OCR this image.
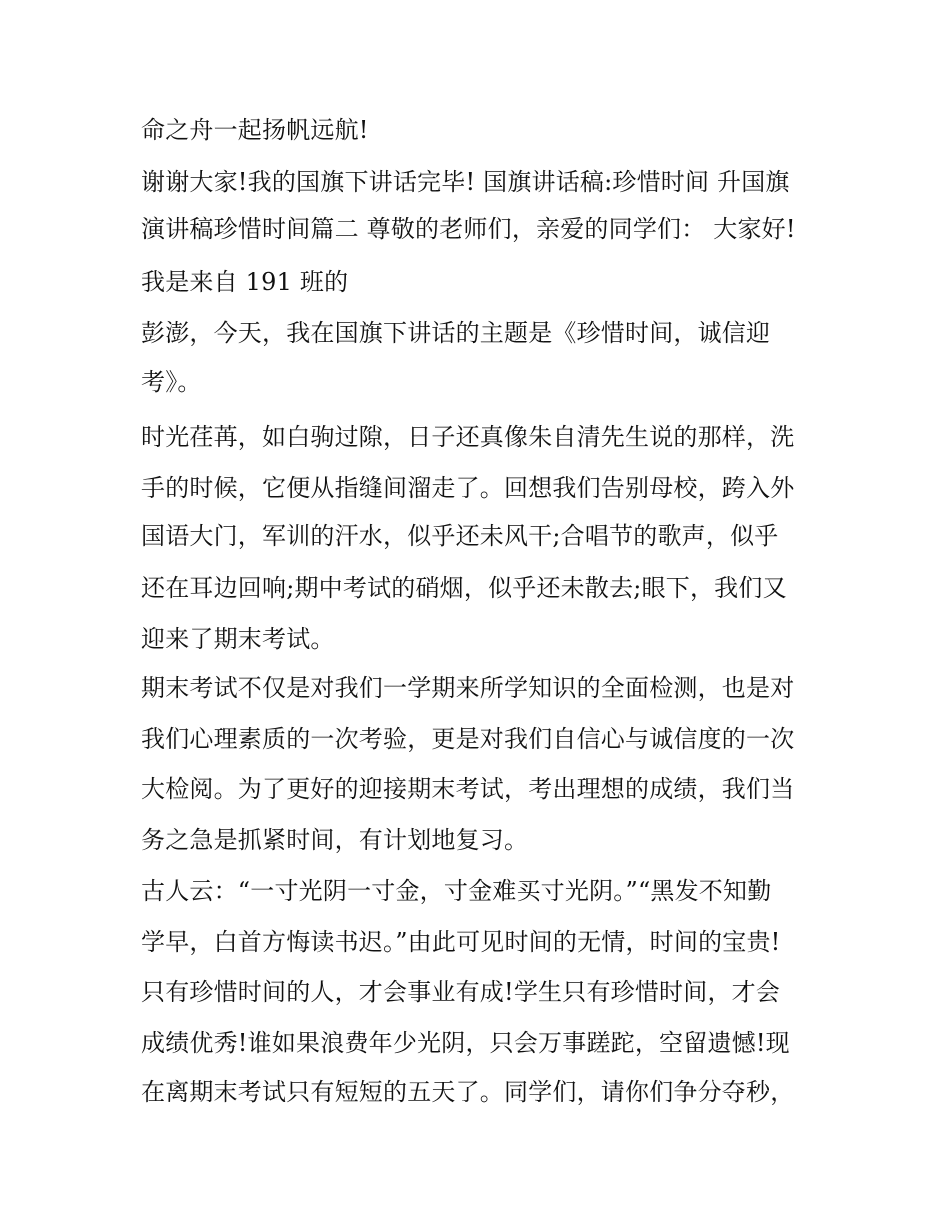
命之舟一起扬帆远航!

谢谢大家!我的国旗下讲话完毕! 国旗讲话稿:珍惜时间 升国旗

演讲稿珍惜时间篇二 尊敬的老师们，亲爱的同学们： 大家好!

我是来自 191 班的

彭澎，今天，我在国旗下讲话的主题是《珍惜时间，诚信迎

考》。

时光荏苒，如白驹过隙，日子还真像朱自清先生说的那样，洗

手的时候，它便从指缝间溜走了。回想我们告别母校，跨入外

国语大门，军训的汗水，似乎还未风干;合唱节的歌声，似乎

还在耳边回响;期中考试的硝烟，似乎还未散去;眼下，我们又

迎来了期末考试。

期末考试不仅是对我们一学期来所学知识的全面检测，也是对

我们心理素质的一次考验，更是对我们自信心与诚信度的一次

大检阅。为了更好的迎接期末考试，考出理想的成绩，我们当

务之急是抓紧时间，有计划地复习。

古人云：“一寸光阴一寸金，寸金难买寸光阴。”“黑发不知勤

学早，白首方悔读书迟。”由此可见时间的无情，时间的宝贵!

只有珍惜时间的人，才会事业有成!学生只有珍惜时间，才会

成绩优秀!谁如果浪费年少光阴，只会万事蹉跎，空留遗憾!现

在离期末考试只有短短的五天了。同学们，请你们争分夺秒，
